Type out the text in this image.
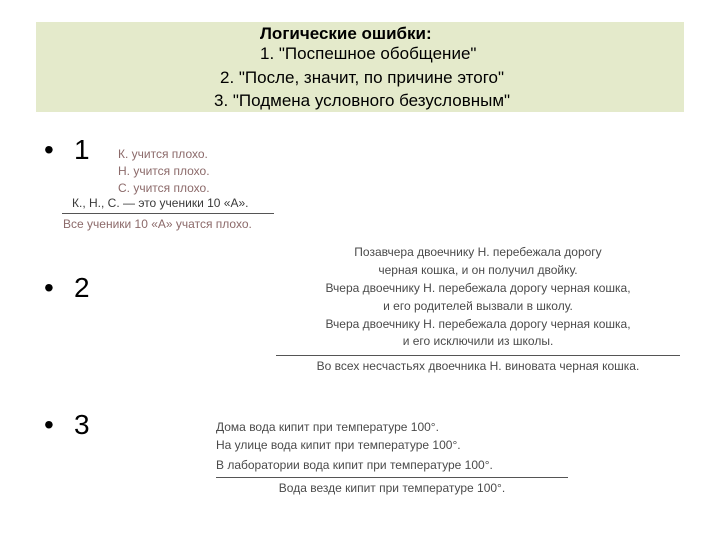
Логические ошибки:
1. "Поспешное обобщение"
2. "После, значит, по причине этого"
3. "Подмена условного безусловным"
• 1
• 2
• 3
К. учится плохо.
Н. учится плохо.
С. учится плохо.
К., Н., С. — это ученики 10 «А».
Все ученики 10 «А» учатся плохо.
Позавчера двоечнику Н. перебежала дорогу
черная кошка, и он получил двойку.
Вчера двоечнику Н. перебежала дорогу черная кошка,
и его родителей вызвали в школу.
Вчера двоечнику Н. перебежала дорогу черная кошка,
и его исключили из школы.
Во всех несчастьях двоечника Н. виновата черная кошка.
Дома вода кипит при температуре 100°.
На улице вода кипит при температуре 100°.
В лаборатории вода кипит при температуре 100°.
Вода везде кипит при температуре 100°.
